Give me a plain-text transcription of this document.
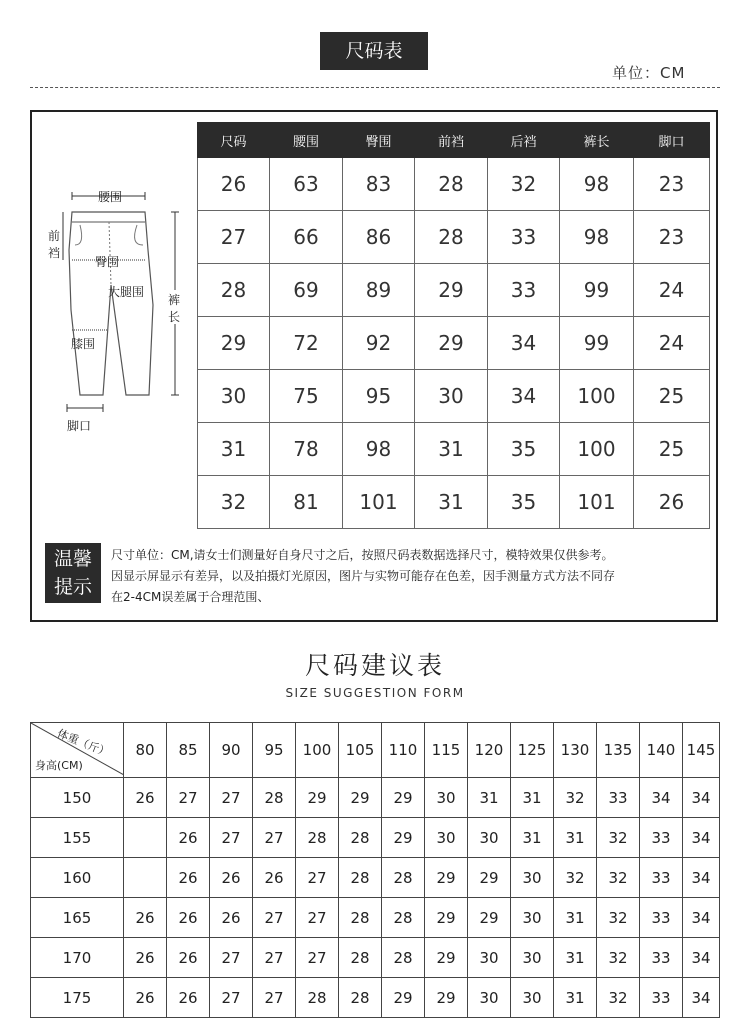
尺码表
单位：CM
腰围
前
裆
臀围
大腿围
裤
长
膝围
脚口
尺码	腰围	臀围	前裆	后裆	裤长	脚口
26	63	83	28	32	98	23
27	66	86	28	33	98	23
28	69	89	29	33	99	24
29	72	92	29	34	99	24
30	75	95	30	34	100	25
31	78	98	31	35	100	25
32	81	101	31	35	101	26
温馨
提示
尺寸单位：CM,请女士们测量好自身尺寸之后，按照尺码表数据选择尺寸，模特效果仅供参考。
因显示屏显示有差异，以及拍摄灯光原因，图片与实物可能存在色差，因手测量方式方法不同存
在2-4CM误差属于合理范围、
尺码建议表
SIZE SUGGESTION FORM
体重（斤）
身高(CM)	80	85	90	95	100	105	110	115	120	125	130	135	140	145
150	26	27	27	28	29	29	29	30	31	31	32	33	34	34
155		26	27	27	28	28	29	30	30	31	31	32	33	34
160		26	26	26	27	28	28	29	29	30	32	32	33	34
165	26	26	26	27	27	28	28	29	29	30	31	32	33	34
170	26	26	27	27	27	28	28	29	30	30	31	32	33	34
175	26	26	27	27	28	28	29	29	30	30	31	32	33	34
